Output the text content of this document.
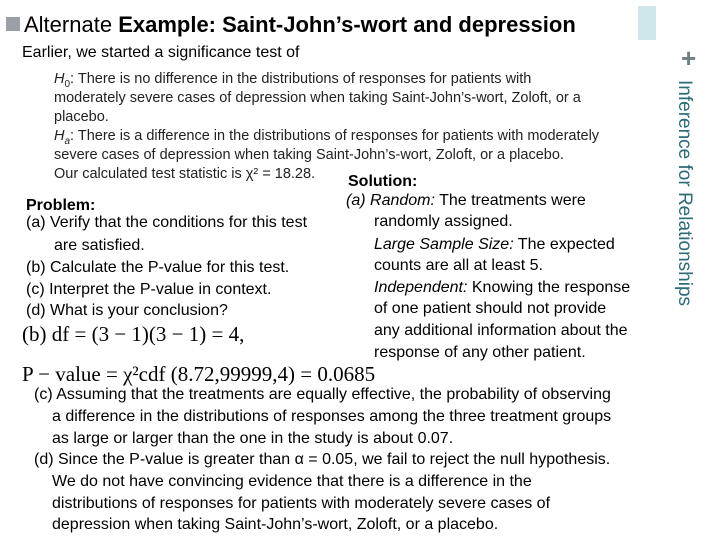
Alternate Example: Saint-John’s-wort and depression
+
Inference for Relationships
Earlier, we started a significance test of
$H_0$: There is no difference in the distributions of responses for patients with
moderately severe cases of depression when taking Saint-John’s-wort, Zoloft, or a
placebo.
$H_a$: There is a difference in the distributions of responses for patients with moderately
severe cases of depression when taking Saint-John’s-wort, Zoloft, or a placebo.
Our calculated test statistic is χ² = 18.28.
Problem:
(a) Verify that the conditions for this test
are satisfied.
(b) Calculate the P-value for this test.
(c) Interpret the P-value in context.
(d) What is your conclusion?
Solution:
(a) Random: The treatments were
randomly assigned.
Large Sample Size: The expected
counts are all at least 5.
Independent: Knowing the response
of one patient should not provide
any additional information about the
response of any other patient.
(b) df = (3 − 1)(3 − 1) = 4,
P − value = χ²cdf (8.72,99999,4) = 0.0685
(c) Assuming that the treatments are equally effective, the probability of observing
a difference in the distributions of responses among the three treatment groups
as large or larger than the one in the study is about 0.07.
(d) Since the P-value is greater than α = 0.05, we fail to reject the null hypothesis.
We do not have convincing evidence that there is a difference in the
distributions of responses for patients with moderately severe cases of
depression when taking Saint-John’s-wort, Zoloft, or a placebo.
